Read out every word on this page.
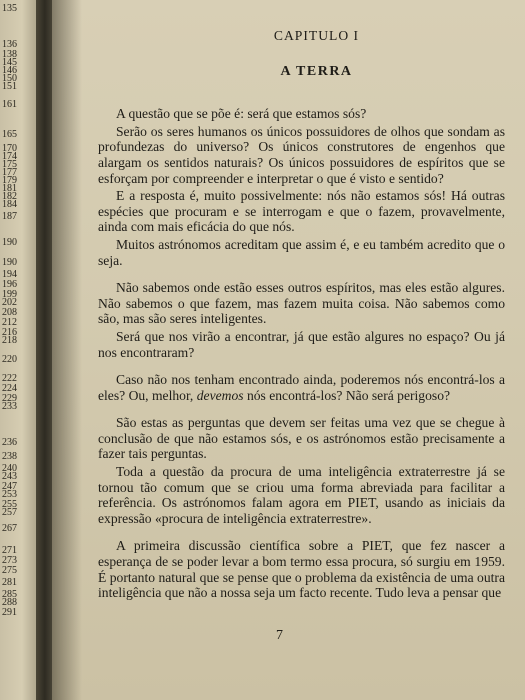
135
136
138
145
146
150
151
161
165
170
174
175
177
179
181
182
184
187
190
190
194
196
199
202
208
212
216
218
220
222
224
229
233
236
238
240
243
247
253
255
257
267
271
273
275
281
285
288
291
CAPITULO I
A TERRA

A questão que se põe é: será que estamos sós?

Serão os seres humanos os únicos possuidores de olhos que sondam as profundezas do universo? Os únicos construtores de engenhos que alargam os sentidos naturais? Os únicos possuidores de espíritos que se esforçam por compreender e interpretar o que é visto e sentido?

E a resposta é, muito possivelmente: nós não estamos sós! Há outras espécies que procuram e se interrogam e que o fazem, provavelmente, ainda com mais eficácia do que nós.

Muitos astrónomos acreditam que assim é, e eu também acredito que o seja.

Não sabemos onde estão esses outros espíritos, mas eles estão algures. Não sabemos o que fazem, mas fazem muita coisa. Não sabemos como são, mas são seres inteligentes.

Será que nos virão a encontrar, já que estão algures no espaço? Ou já nos encontraram?

Caso não nos tenham encontrado ainda, poderemos nós encontrá-los a eles? Ou, melhor, devemos nós encontrá-los? Não será perigoso?

São estas as perguntas que devem ser feitas uma vez que se chegue à conclusão de que não estamos sós, e os astrónomos estão precisamente a fazer tais perguntas.

Toda a questão da procura de uma inteligência extraterrestre já se tornou tão comum que se criou uma forma abreviada para facilitar a referência. Os astrónomos falam agora em PIET, usando as iniciais da expressão «procura de inteligência extraterrestre».

A primeira discussão científica sobre a PIET, que fez nascer a esperança de se poder levar a bom termo essa procura, só surgiu em 1959. É portanto natural que se pense que o problema da existência de uma outra inteligência que não a nossa seja um facto recente. Tudo leva a pensar que

7
